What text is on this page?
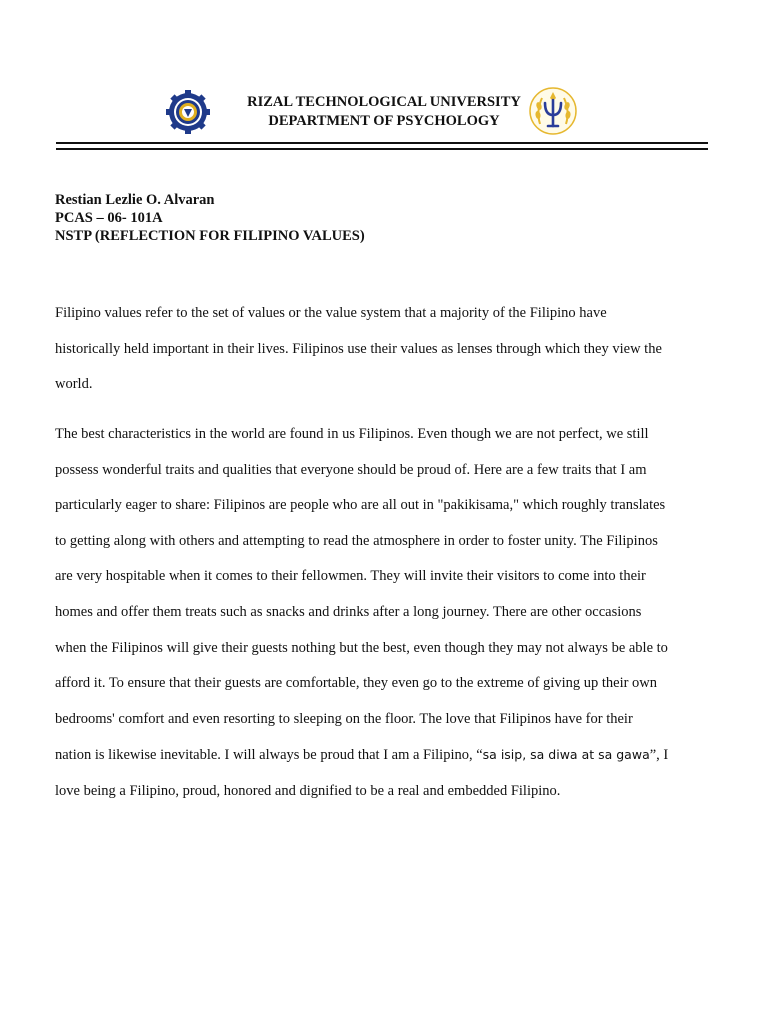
RIZAL TECHNOLOGICAL UNIVERSITY
DEPARTMENT OF PSYCHOLOGY
Restian Lezlie O. Alvaran
PCAS – 06- 101A
NSTP (REFLECTION FOR FILIPINO VALUES)
Filipino values refer to the set of values or the value system that a majority of the Filipino have
historically held important in their lives. Filipinos use their values as lenses through which they view the
world.
The best characteristics in the world are found in us Filipinos. Even though we are not perfect, we still
possess wonderful traits and qualities that everyone should be proud of. Here are a few traits that I am
particularly eager to share: Filipinos are people who are all out in "pakikisama," which roughly translates
to getting along with others and attempting to read the atmosphere in order to foster unity. The Filipinos
are very hospitable when it comes to their fellowmen. They will invite their visitors to come into their
homes and offer them treats such as snacks and drinks after a long journey. There are other occasions
when the Filipinos will give their guests nothing but the best, even though they may not always be able to
afford it. To ensure that their guests are comfortable, they even go to the extreme of giving up their own
bedrooms' comfort and even resorting to sleeping on the floor. The love that Filipinos have for their
nation is likewise inevitable. I will always be proud that I am a Filipino, “sa isip, sa diwa at sa gawa”, I
love being a Filipino, proud, honored and dignified to be a real and embedded Filipino.
